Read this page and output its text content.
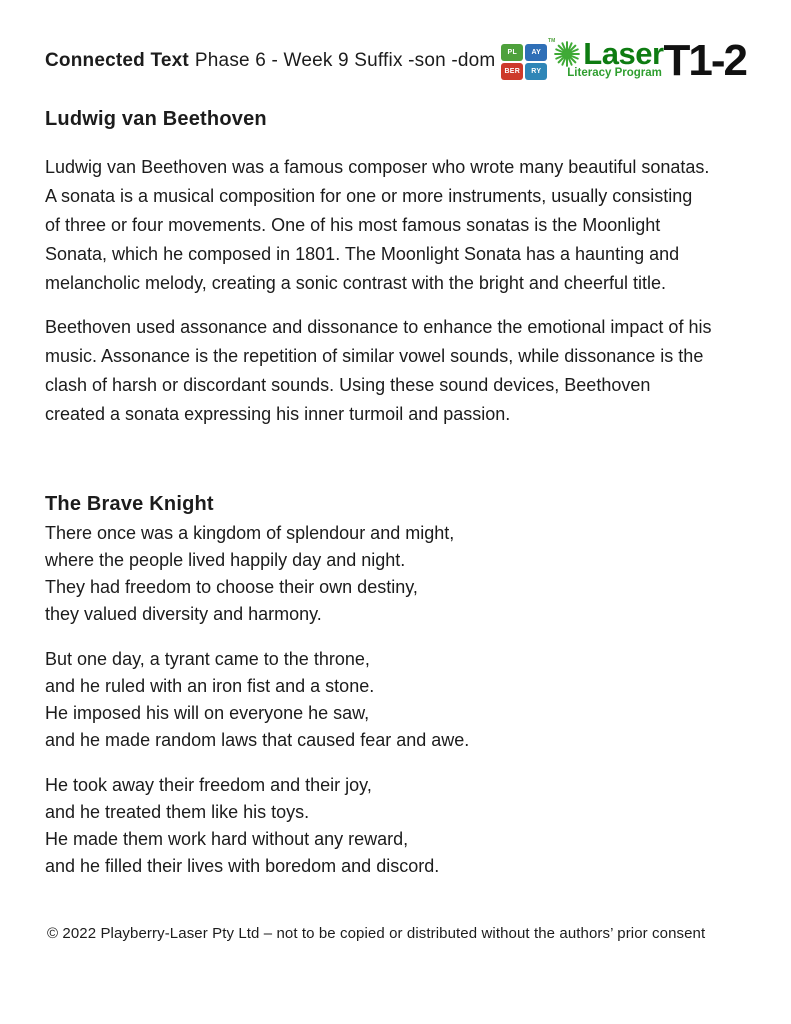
Connected Text Phase 6 - Week 9 Suffix -son -dom	PL	AY
BER	RY
TM Laser
Literacy Program T1-2
Ludwig van Beethoven
Ludwig van Beethoven was a famous composer who wrote many beautiful sonatas.
A sonata is a musical composition for one or more instruments, usually consisting
of three or four movements. One of his most famous sonatas is the Moonlight
Sonata, which he composed in 1801. The Moonlight Sonata has a haunting and
melancholic melody, creating a sonic contrast with the bright and cheerful title.
Beethoven used assonance and dissonance to enhance the emotional impact of his
music. Assonance is the repetition of similar vowel sounds, while dissonance is the
clash of harsh or discordant sounds. Using these sound devices, Beethoven
created a sonata expressing his inner turmoil and passion.
The Brave Knight
There once was a kingdom of splendour and might,
where the people lived happily day and night.
They had freedom to choose their own destiny,
they valued diversity and harmony.
But one day, a tyrant came to the throne,
and he ruled with an iron fist and a stone.
He imposed his will on everyone he saw,
and he made random laws that caused fear and awe.
He took away their freedom and their joy,
and he treated them like his toys.
He made them work hard without any reward,
and he filled their lives with boredom and discord.
© 2022 Playberry-Laser Pty Ltd – not to be copied or distributed without the authors’ prior consent
